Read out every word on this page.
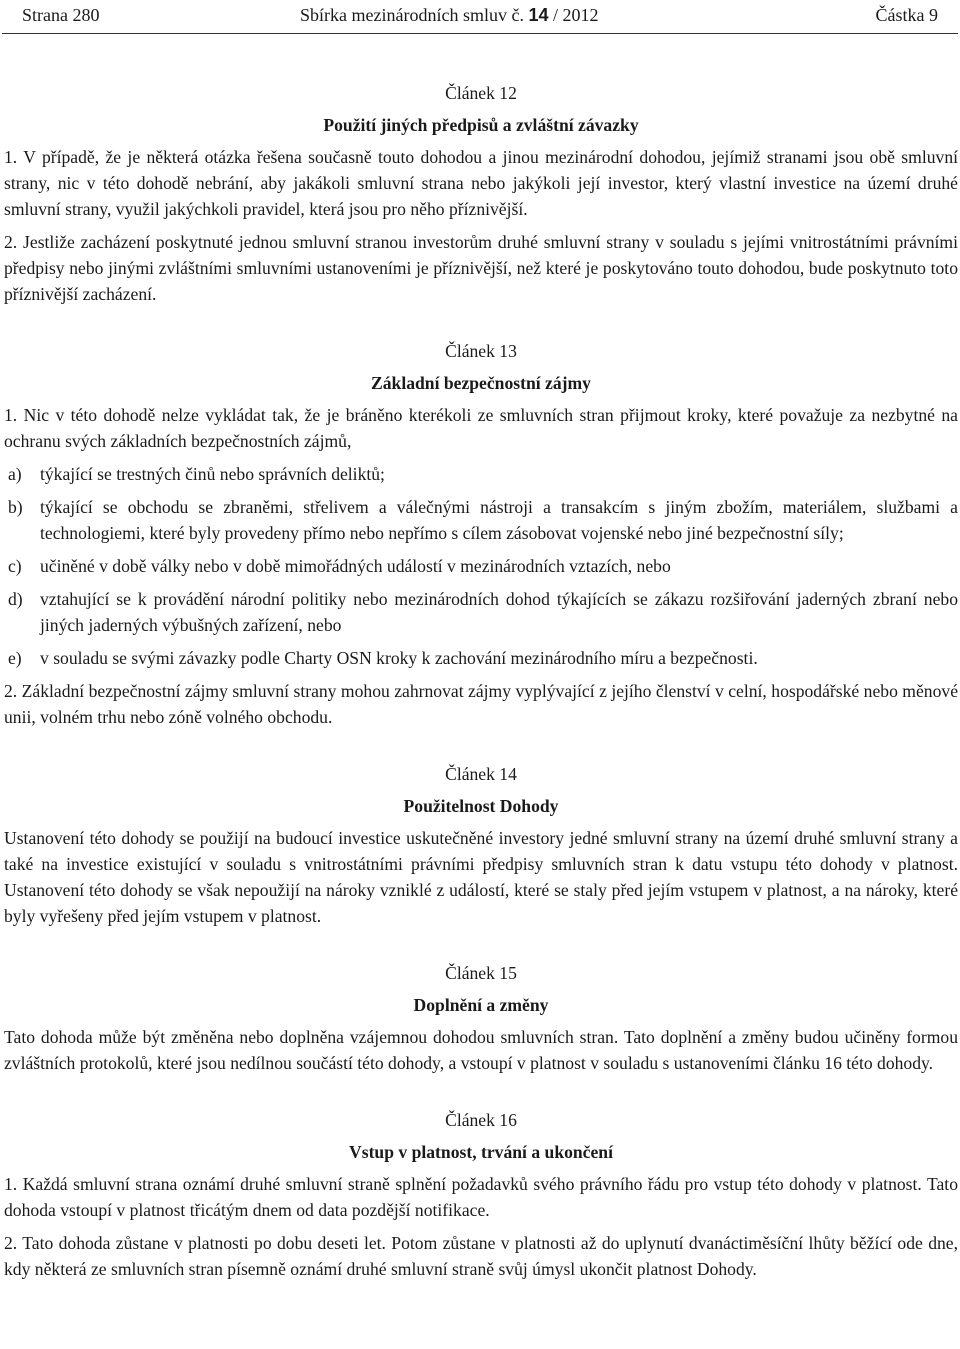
Strana 280	Sbírka mezinárodních smluv č. 14 / 2012	Částka 9
Článek 12
Použití jiných předpisů a zvláštní závazky

1. V případě, že je některá otázka řešena současně touto dohodou a jinou mezinárodní dohodou, jejímiž stranami jsou obě smluvní strany, nic v této dohodě nebrání, aby jakákoli smluvní strana nebo jakýkoli její investor, který vlastní investice na území druhé smluvní strany, využil jakýchkoli pravidel, která jsou pro něho příznivější.

2. Jestliže zacházení poskytnuté jednou smluvní stranou investorům druhé smluvní strany v souladu s jejími vnitrostátními právními předpisy nebo jinými zvláštními smluvními ustanoveními je příznivější, než které je poskytováno touto dohodou, bude poskytnuto toto příznivější zacházení.

Článek 13
Základní bezpečnostní zájmy

1. Nic v této dohodě nelze vykládat tak, že je bráněno kterékoli ze smluvních stran přijmout kroky, které považuje za nezbytné na ochranu svých základních bezpečnostních zájmů,

a)	týkající se trestných činů nebo správních deliktů;
b) týkající se obchodu se zbraněmi, střelivem a válečnými nástroji a transakcím s jiným zbožím, materiálem, službami a technologiemi, které byly provedeny přímo nebo nepřímo s cílem zásobovat vojenské nebo jiné bezpečnostní síly;
c)	učiněné v době války nebo v době mimořádných událostí v mezinárodních vztazích, nebo
d) vztahující se k provádění národní politiky nebo mezinárodních dohod týkajících se zákazu rozšiřování jaderných zbraní nebo jiných jaderných výbušných zařízení, nebo
e)	v souladu se svými závazky podle Charty OSN kroky k zachování mezinárodního míru a bezpečnosti.

2. Základní bezpečnostní zájmy smluvní strany mohou zahrnovat zájmy vyplývající z jejího členství v celní, hospodářské nebo měnové unii, volném trhu nebo zóně volného obchodu.

Článek 14
Použitelnost Dohody

Ustanovení této dohody se použijí na budoucí investice uskutečněné investory jedné smluvní strany na území druhé smluvní strany a také na investice existující v souladu s vnitrostátními právními předpisy smluvních stran k datu vstupu této dohody v platnost. Ustanovení této dohody se však nepoužijí na nároky vzniklé z událostí, které se staly před jejím vstupem v platnost, a na nároky, které byly vyřešeny před jejím vstupem v platnost.

Článek 15
Doplnění a změny

Tato dohoda může být změněna nebo doplněna vzájemnou dohodou smluvních stran. Tato doplnění a změny budou učiněny formou zvláštních protokolů, které jsou nedílnou součástí této dohody, a vstoupí v platnost v souladu s ustanoveními článku 16 této dohody.

Článek 16
Vstup v platnost, trvání a ukončení

1. Každá smluvní strana oznámí druhé smluvní straně splnění požadavků svého právního řádu pro vstup této dohody v platnost. Tato dohoda vstoupí v platnost třicátým dnem od data pozdější notifikace.

2. Tato dohoda zůstane v platnosti po dobu deseti let. Potom zůstane v platnosti až do uplynutí dvanáctiměsíční lhůty běžící ode dne, kdy některá ze smluvních stran písemně oznámí druhé smluvní straně svůj úmysl ukončit platnost Dohody.
